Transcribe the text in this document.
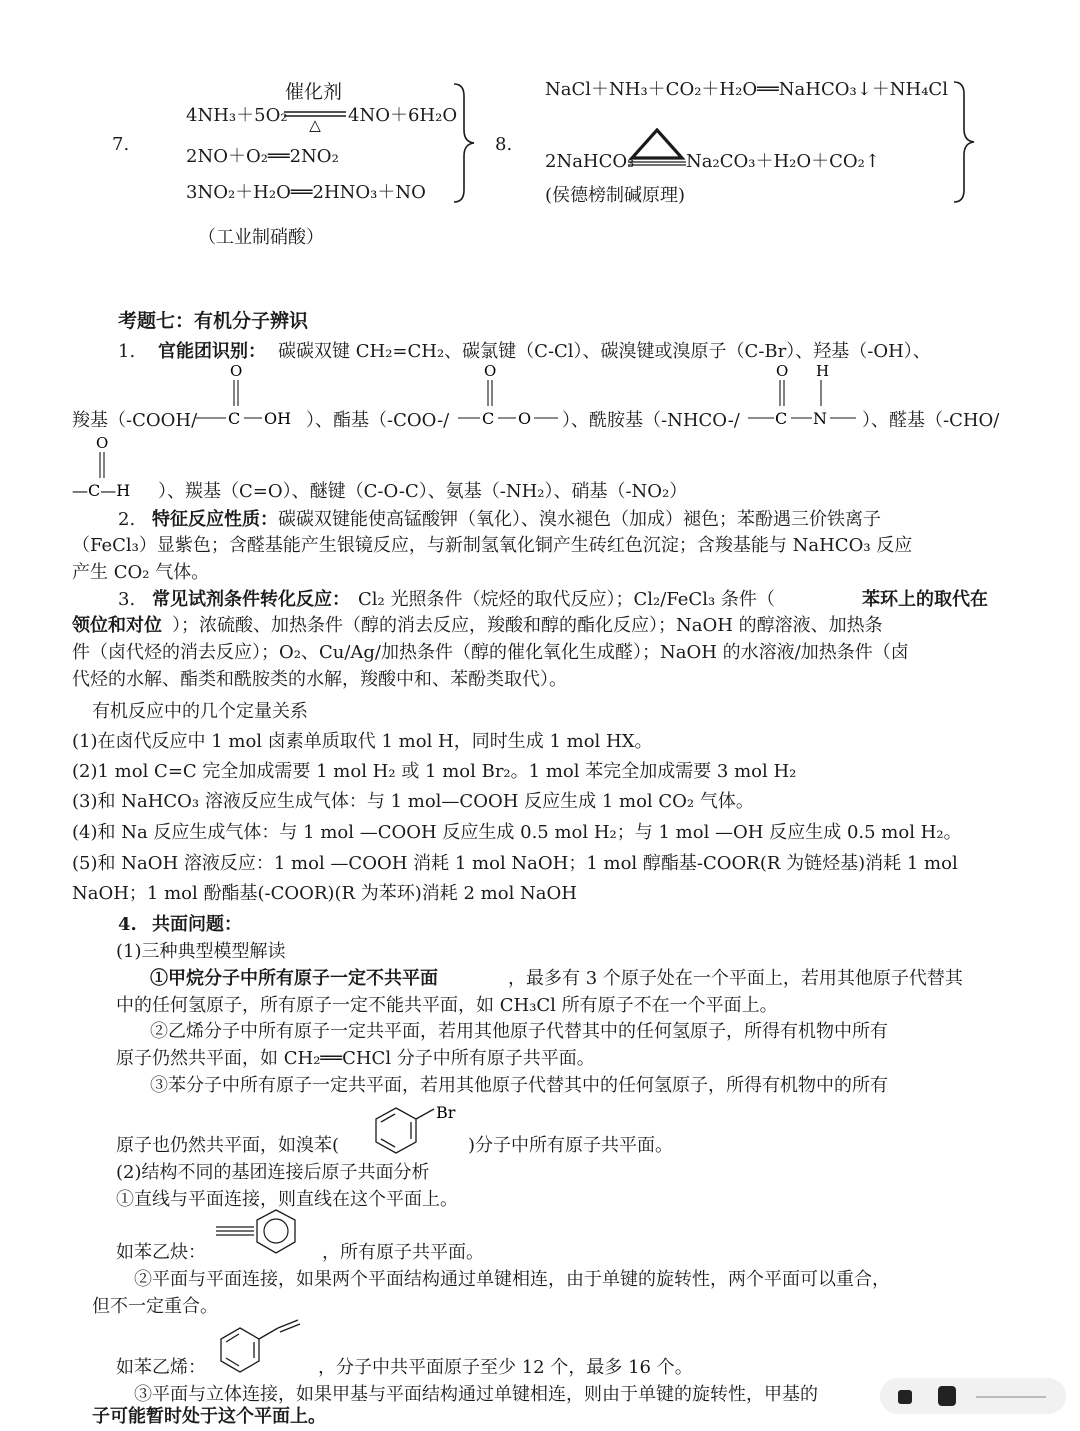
7.
催化剂
4NH₃＋5O₂ △ 4NO＋6H₂O
2NO＋O₂══2NO₂
3NO₂＋H₂O══2HNO₃＋NO
（工业制硝酸）
8.
NaCl＋NH₃＋CO₂＋H₂O══NaHCO₃↓＋NH₄Cl
2NaHCO₃	Na₂CO₃＋H₂O＋CO₂↑
(侯德榜制碱原理)
考题七：有机分子辨识
1. 官能团识别： 碳碳双键 CH₂=CH₂、碳氯键（C-Cl）、碳溴键或溴原子（C-Br）、羟基（-OH）、
羧基（-COOH/
O
C OH ）、酯基（-COO-/
O
C O ）、酰胺基（-NHCO-/
O H
C N ）、醛基（-CHO/
O
—C—H ）、羰基（C=O）、醚键（C-O-C）、氨基（-NH₂）、硝基（-NO₂）
2. 特征反应性质： 碳碳双键能使高锰酸钾（氧化）、溴水褪色（加成）褪色；苯酚遇三价铁离子
（FeCl₃）显紫色；含醛基能产生银镜反应，与新制氢氧化铜产生砖红色沉淀；含羧基能与 NaHCO₃ 反应
产生 CO₂ 气体。
3. 常见试剂条件转化反应： Cl₂ 光照条件（烷烃的取代反应）；Cl₂/FeCl₃ 条件（	苯环上的取代在
领位和对位 ）；浓硫酸、加热条件（醇的消去反应，羧酸和醇的酯化反应）；NaOH 的醇溶液、加热条
件（卤代烃的消去反应）；O₂、Cu/Ag/加热条件（醇的催化氧化生成醛）；NaOH 的水溶液/加热条件（卤
代烃的水解、酯类和酰胺类的水解，羧酸中和、苯酚类取代）。
有机反应中的几个定量关系
(1)在卤代反应中 1 mol 卤素单质取代 1 mol H，同时生成 1 mol HX。
(2)1 mol C=C 完全加成需要 1 mol H₂ 或 1 mol Br₂。1 mol 苯完全加成需要 3 mol H₂
(3)和 NaHCO₃ 溶液反应生成气体：与 1 mol—COOH 反应生成 1 mol CO₂ 气体。
(4)和 Na 反应生成气体：与 1 mol —COOH 反应生成 0.5 mol H₂；与 1 mol —OH 反应生成 0.5 mol H₂。
(5)和 NaOH 溶液反应：1 mol —COOH 消耗 1 mol NaOH；1 mol 醇酯基-COOR(R 为链烃基)消耗 1 mol
NaOH；1 mol 酚酯基(-COOR)(R 为苯环)消耗 2 mol NaOH
4. 共面问题：
(1)三种典型模型解读
①甲烷分子中所有原子一定不共平面	，最多有 3 个原子处在一个平面上，若用其他原子代替其
中的任何氢原子，所有原子一定不能共平面，如 CH₃Cl 所有原子不在一个平面上。
②乙烯分子中所有原子一定共平面，若用其他原子代替其中的任何氢原子，所得有机物中所有
原子仍然共平面，如 CH₂══CHCl 分子中所有原子共平面。
③苯分子中所有原子一定共平面，若用其他原子代替其中的任何氢原子，所得有机物中的所有
原子也仍然共平面，如溴苯(
Br
)分子中所有原子共平面。
(2)结构不同的基团连接后原子共面分析
①直线与平面连接，则直线在这个平面上。
如苯乙炔：	，所有原子共平面。
②平面与平面连接，如果两个平面结构通过单键相连，由于单键的旋转性，两个平面可以重合，
但不一定重合。
如苯乙烯：	，分子中共平面原子至少 12 个，最多 16 个。
③平面与立体连接，如果甲基与平面结构通过单键相连，则由于单键的旋转性，甲基的
子可能暂时处于这个平面上。
